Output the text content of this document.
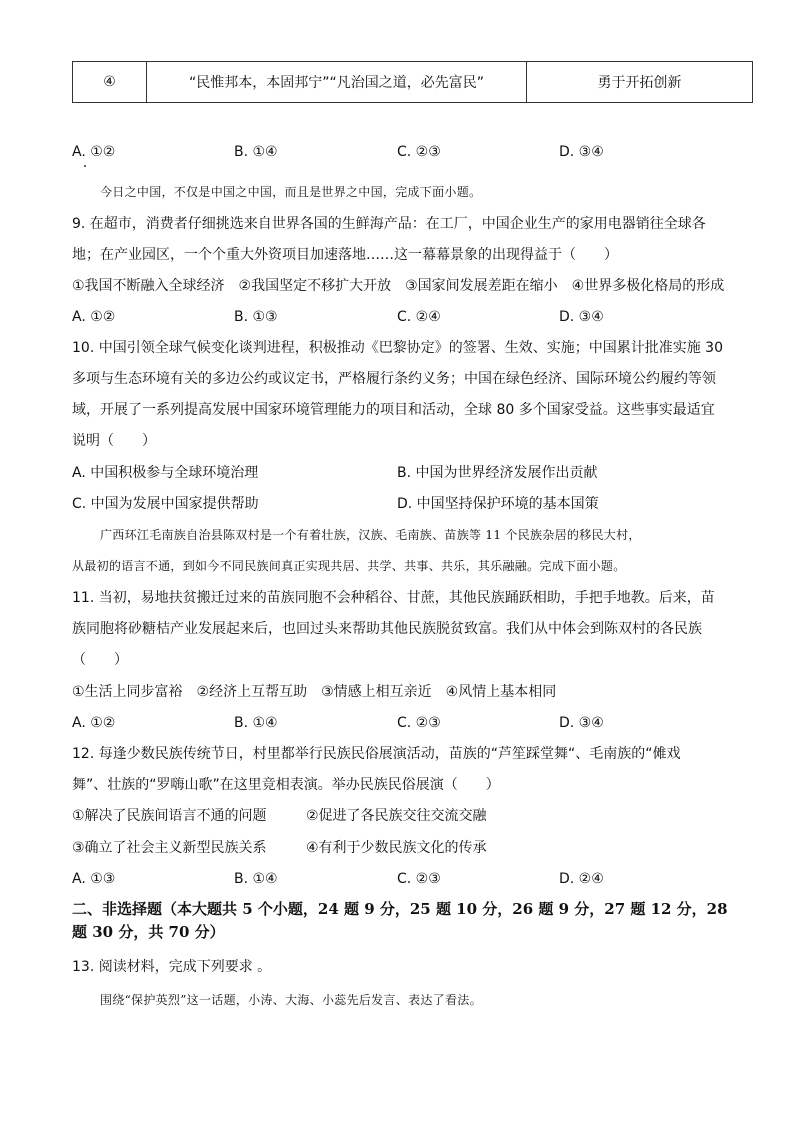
④	“民惟邦本，本固邦宁”“凡治国之道，必先富民”	勇于开拓创新
A. ①②	B. ①④	C. ②③	D. ③④
今日之中国，不仅是中国之中国，而且是世界之中国，完成下面小题。
9. 在超市，消费者仔细挑选来自世界各国的生鲜海产品：在工厂，中国企业生产的家用电器销往全球各
地；在产业园区，一个个重大外资项目加速落地……这一幕幕景象的出现得益于（　　）
①我国不断融入全球经济　②我国坚定不移扩大开放　③国家间发展差距在缩小　④世界多极化格局的形成
A. ①②	B. ①③	C. ②④	D. ③④
10. 中国引领全球气候变化谈判进程，积极推动《巴黎协定》的签署、生效、实施；中国累计批准实施 30
多项与生态环境有关的多边公约或议定书，严格履行条约义务；中国在绿色经济、国际环境公约履约等领
域，开展了一系列提高发展中国家环境管理能力的项目和活动，全球 80 多个国家受益。这些事实最适宜
说明（　　）
A. 中国积极参与全球环境治理	B. 中国为世界经济发展作出贡献
C. 中国为发展中国家提供帮助	D. 中国坚持保护环境的基本国策
广西环江毛南族自治县陈双村是一个有着壮族，汉族、毛南族、苗族等 11 个民族杂居的移民大村，
从最初的语言不通，到如今不同民族间真正实现共居、共学、共事、共乐，其乐融融。完成下面小题。
11. 当初，易地扶贫搬迁过来的苗族同胞不会种稻谷、甘蔗，其他民族踊跃相助，手把手地教。后来，苗
族同胞将砂糖桔产业发展起来后，也回过头来帮助其他民族脱贫致富。我们从中体会到陈双村的各民族
（　　）
①生活上同步富裕　②经济上互帮互助　③情感上相互亲近　④风情上基本相同
A. ①②	B. ①④	C. ②③	D. ③④
12. 每逢少数民族传统节日，村里都举行民族民俗展演活动，苗族的“芦笙踩堂舞“、毛南族的“傩戏
舞”、壮族的“罗嗨山歌”在这里竞相表演。举办民族民俗展演（　　）
①解决了民族间语言不通的问题	②促进了各民族交往交流交融
③确立了社会主义新型民族关系	④有利于少数民族文化的传承
A. ①③	B. ①④	C. ②③	D. ②④
二、非选择题（本大题共 5 个小题，24 题 9 分，25 题 10 分，26 题 9 分，27 题 12 分，28
题 30 分，共 70 分）
13. 阅读材料，完成下列要求 。
围绕“保护英烈”这一话题，小涛、大海、小蕊先后发言、表达了看法。
